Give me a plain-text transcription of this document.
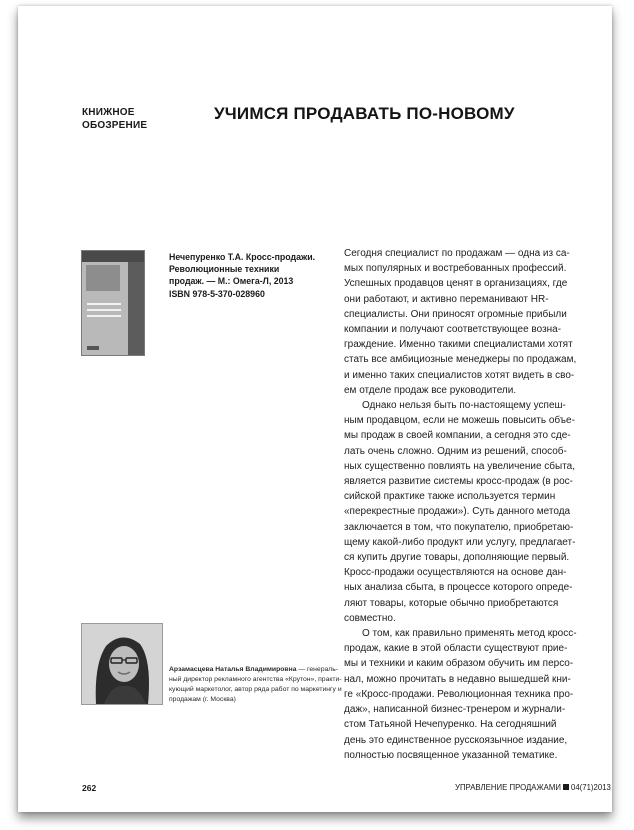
КНИЖНОЕ
ОБОЗРЕНИЕ
УЧИМСЯ ПРОДАВАТЬ ПО-НОВОМУ
Нечепуренко Т.А. Кросс-продажи.
Революционные техники
продаж. — М.: Омега-Л, 2013
ISBN 978-5-370-028960
Арзамасцева Наталья Владимировна — генераль-
ный директор рекламного агентства «Крутон», практи-
кующий маркетолог, автор ряда работ по маркетингу и
продажам (г. Москва)
Сегодня специалист по продажам — одна из са-
мых популярных и востребованных профессий.
Успешных продавцов ценят в организациях, где
они работают, и активно переманивают HR-
специалисты. Они приносят огромные прибыли
компании и получают соответствующее возна-
граждение. Именно такими специалистами хотят
стать все амбициозные менеджеры по продажам,
и именно таких специалистов хотят видеть в сво-
ем отделе продаж все руководители.
Однако нельзя быть по-настоящему успеш-
ным продавцом, если не можешь повысить объе-
мы продаж в своей компании, а сегодня это сде-
лать очень сложно. Одним из решений, способ-
ных существенно повлиять на увеличение сбыта,
является развитие системы кросс-продаж (в рос-
сийской практике также используется термин
«перекрестные продажи»). Суть данного метода
заключается в том, что покупателю, приобретаю-
щему какой-либо продукт или услугу, предлагает-
ся купить другие товары, дополняющие первый.
Кросс-продажи осуществляются на основе дан-
ных анализа сбыта, в процессе которого опреде-
ляют товары, которые обычно приобретаются
совместно.
О том, как правильно применять метод кросс-
продаж, какие в этой области существуют прие-
мы и техники и каким образом обучить им персо-
нал, можно прочитать в недавно вышедшей кни-
ге «Кросс-продажи. Революционная техника про-
даж», написанной бизнес-тренером и журнали-
стом Татьяной Нечепуренко. На сегодняшний
день это единственное русскоязычное издание,
полностью посвященное указанной тематике.
262	УПРАВЛЕНИЕ ПРОДАЖАМИ 04(71)2013
